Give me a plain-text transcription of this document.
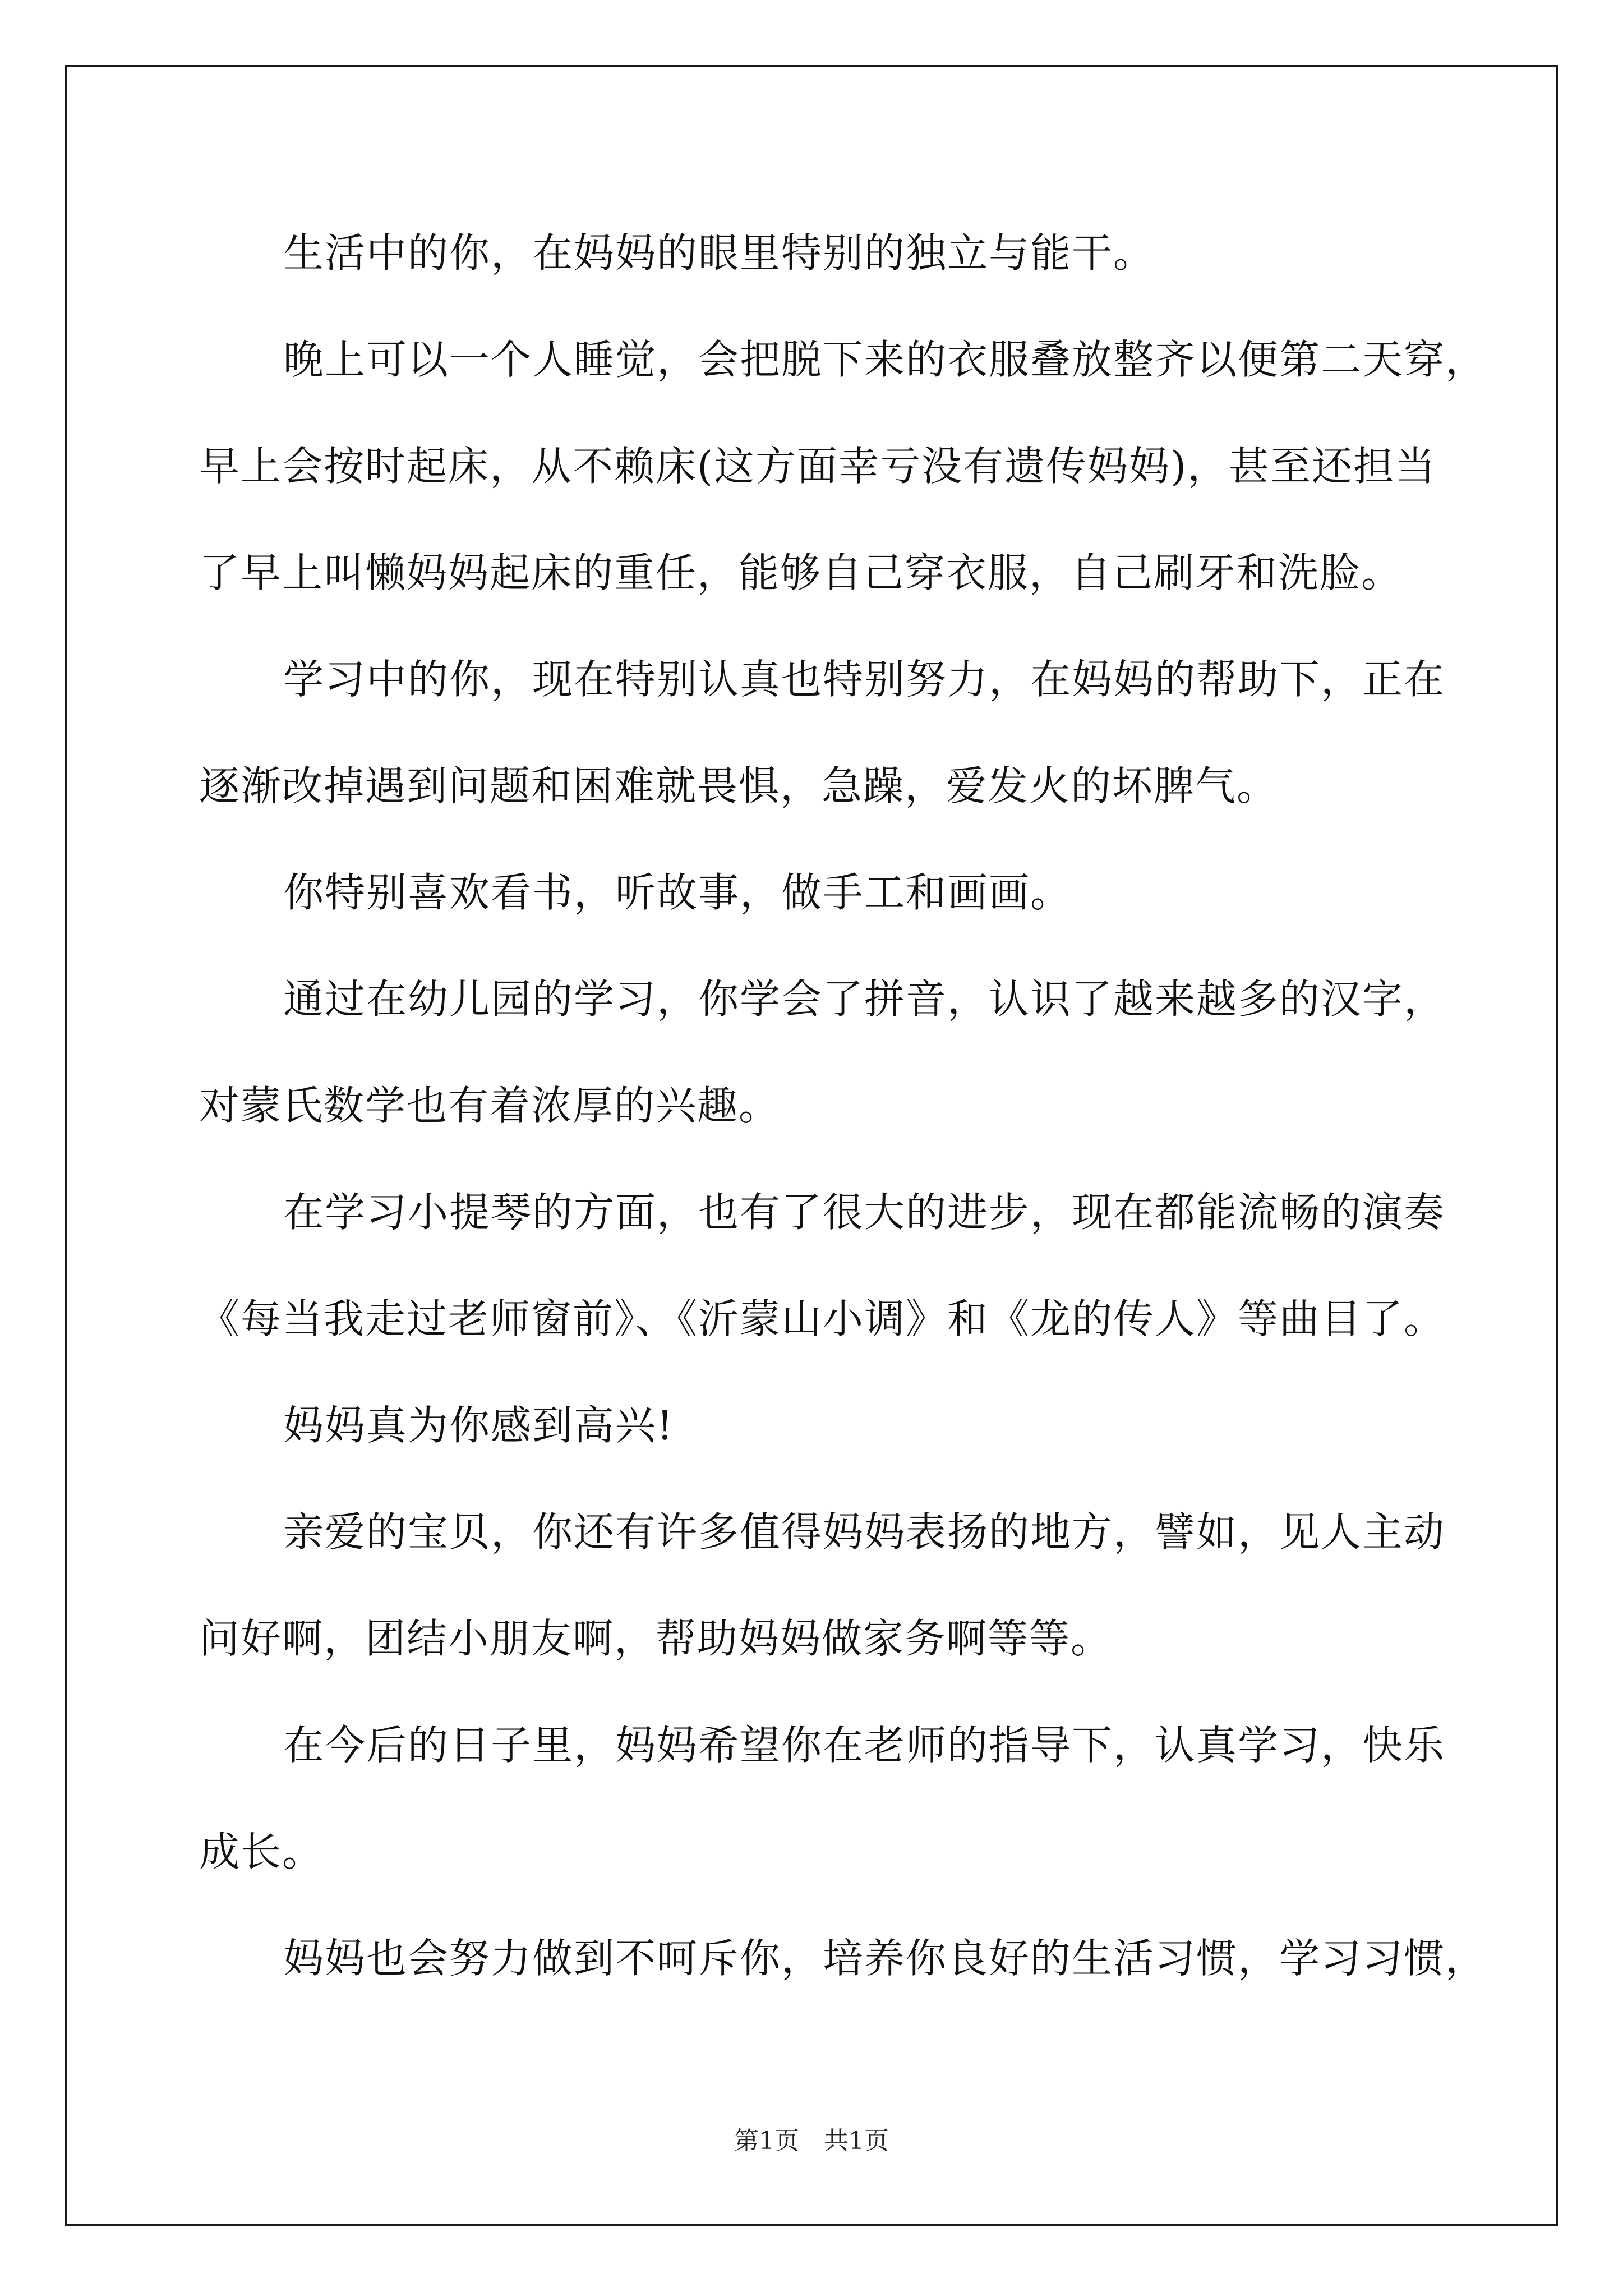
生活中的你，在妈妈的眼里特别的独立与能干。
晚上可以一个人睡觉，会把脱下来的衣服叠放整齐以便第二天穿，
早上会按时起床，从不赖床(这方面幸亏没有遗传妈妈)，甚至还担当
了早上叫懒妈妈起床的重任，能够自己穿衣服，自己刷牙和洗脸。
学习中的你，现在特别认真也特别努力，在妈妈的帮助下，正在
逐渐改掉遇到问题和困难就畏惧，急躁，爱发火的坏脾气。
你特别喜欢看书，听故事，做手工和画画。
通过在幼儿园的学习，你学会了拼音，认识了越来越多的汉字，
对蒙氏数学也有着浓厚的兴趣。
在学习小提琴的方面，也有了很大的进步，现在都能流畅的演奏
《每当我走过老师窗前》、《沂蒙山小调》和《龙的传人》等曲目了。
妈妈真为你感到高兴!
亲爱的宝贝，你还有许多值得妈妈表扬的地方，譬如，见人主动
问好啊，团结小朋友啊，帮助妈妈做家务啊等等。
在今后的日子里，妈妈希望你在老师的指导下，认真学习，快乐
成长。
妈妈也会努力做到不呵斥你，培养你良好的生活习惯，学习习惯，
第1页　共1页
